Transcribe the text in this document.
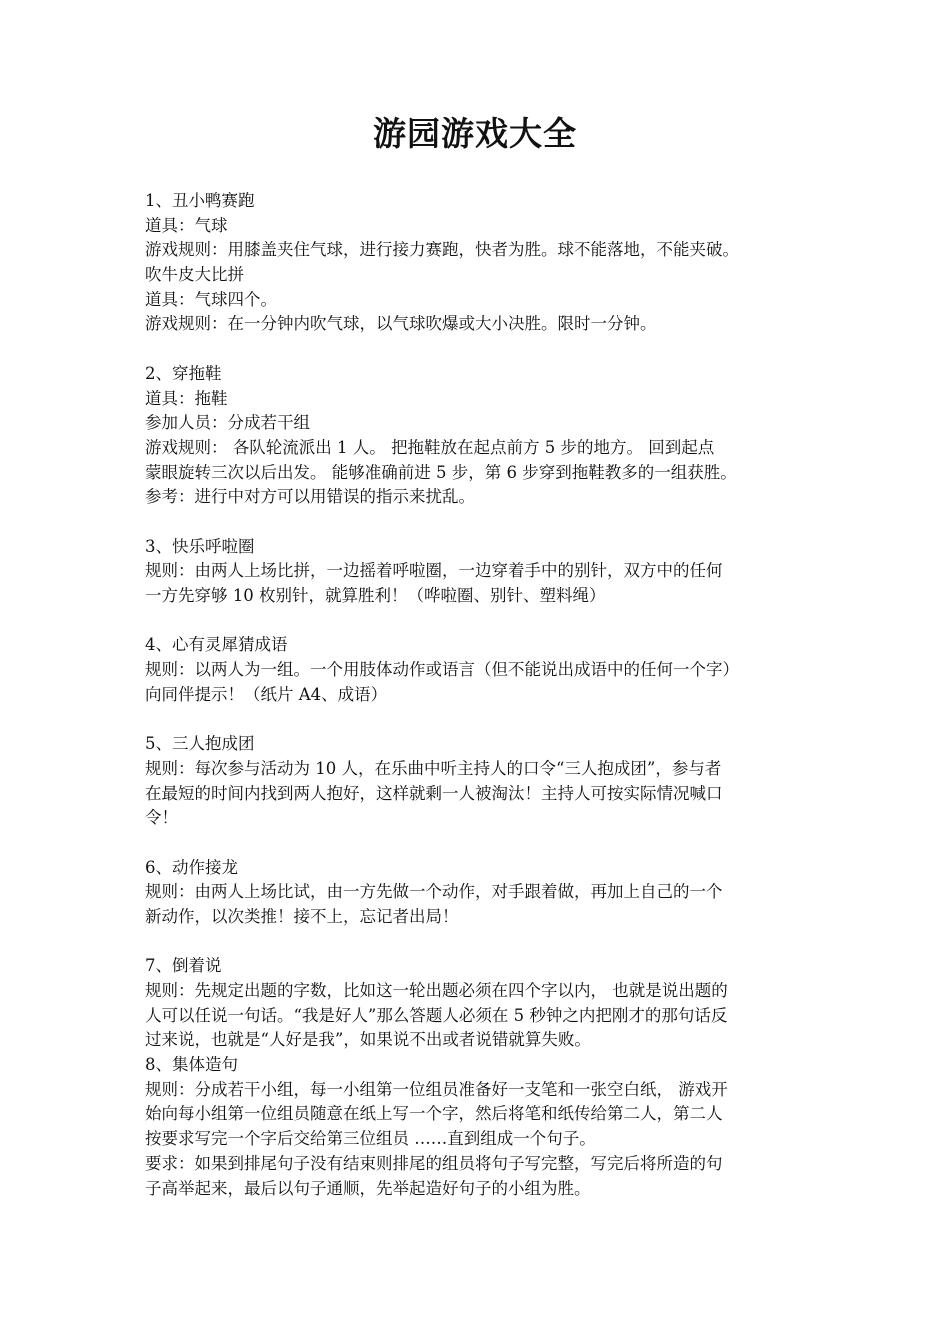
游园游戏大全
1、丑小鸭赛跑
道具：气球
游戏规则：用膝盖夹住气球，进行接力赛跑，快者为胜。球不能落地，不能夹破。
吹牛皮大比拼
道具：气球四个。
游戏规则：在一分钟内吹气球，以气球吹爆或大小决胜。限时一分钟。
2、穿拖鞋
道具：拖鞋
参加人员：分成若干组
游戏规则： 各队轮流派出 1 人。 把拖鞋放在起点前方 5 步的地方。 回到起点
蒙眼旋转三次以后出发。 能够准确前进 5 步，第 6 步穿到拖鞋教多的一组获胜。
参考：进行中对方可以用错误的指示来扰乱。
3、快乐呼啦圈
规则：由两人上场比拼，一边摇着呼啦圈，一边穿着手中的别针，双方中的任何
一方先穿够 10 枚别针，就算胜利！（哗啦圈、别针、塑料绳）
4、心有灵犀猜成语
规则：以两人为一组。一个用肢体动作或语言（但不能说出成语中的任何一个字）
向同伴提示！（纸片 A4、成语）
5、三人抱成团
规则：每次参与活动为 10 人，在乐曲中听主持人的口令“三人抱成团”，参与者
在最短的时间内找到两人抱好，这样就剩一人被淘汰！主持人可按实际情况喊口
令！
6、动作接龙
规则：由两人上场比试，由一方先做一个动作，对手跟着做，再加上自己的一个
新动作，以次类推！接不上，忘记者出局！
7、倒着说
规则：先规定出题的字数，比如这一轮出题必须在四个字以内， 也就是说出题的
人可以任说一句话。“我是好人”那么答题人必须在 5 秒钟之内把刚才的那句话反
过来说，也就是“人好是我”，如果说不出或者说错就算失败。
8、集体造句
规则：分成若干小组，每一小组第一位组员准备好一支笔和一张空白纸， 游戏开
始向每小组第一位组员随意在纸上写一个字，然后将笔和纸传给第二人，第二人
按要求写完一个字后交给第三位组员 ……直到组成一个句子。
要求：如果到排尾句子没有结束则排尾的组员将句子写完整，写完后将所造的句
子高举起来，最后以句子通顺，先举起造好句子的小组为胜。
